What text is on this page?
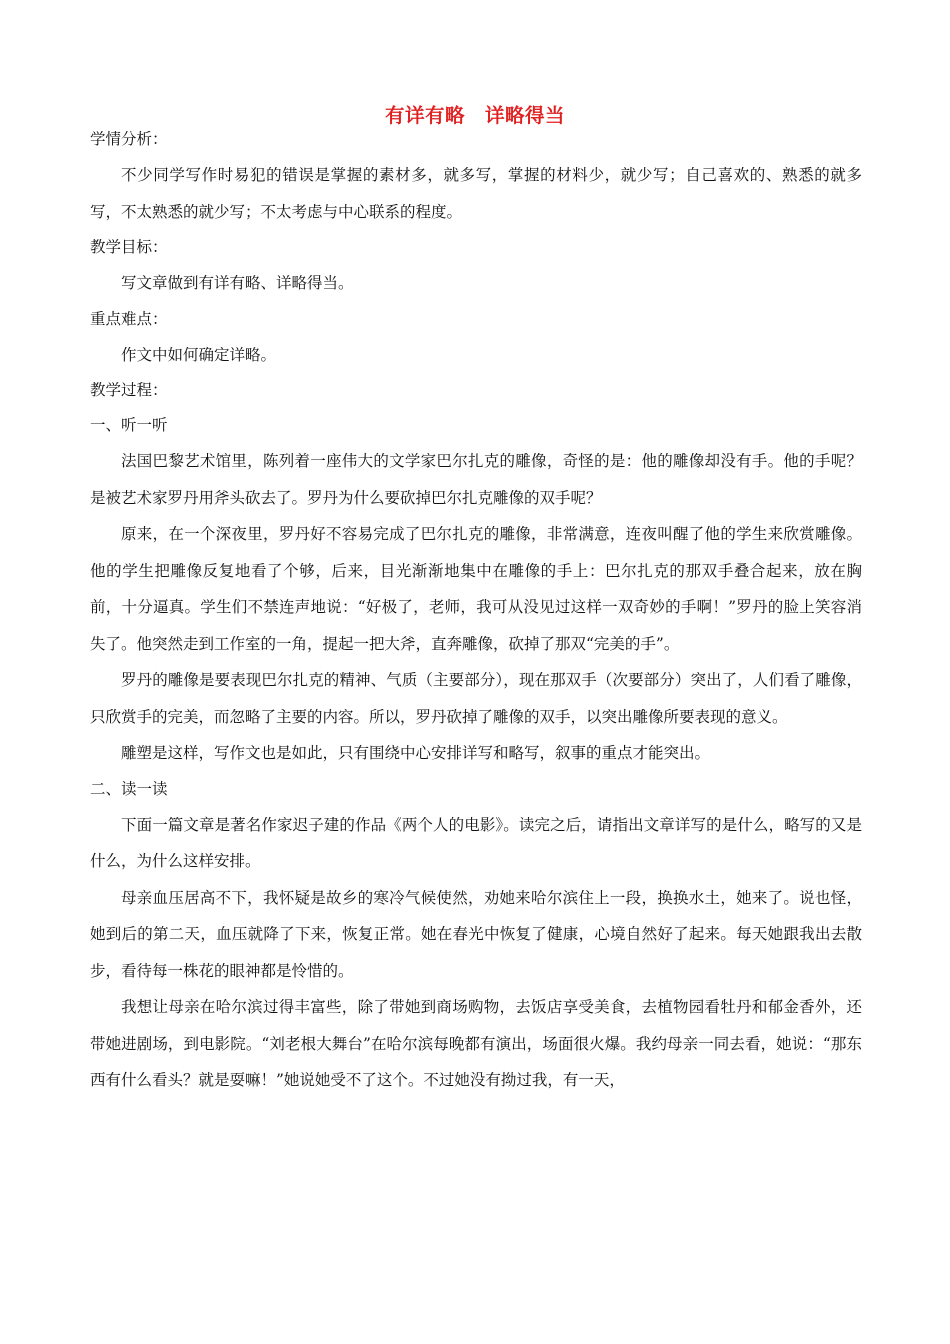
有详有略　详略得当

学情分析：

不少同学写作时易犯的错误是掌握的素材多，就多写，掌握的材料少，就少写；自己喜欢的、熟悉的就多写，不太熟悉的就少写；不太考虑与中心联系的程度。

教学目标：

写文章做到有详有略、详略得当。

重点难点：

作文中如何确定详略。

教学过程：

一、听一听

法国巴黎艺术馆里，陈列着一座伟大的文学家巴尔扎克的雕像，奇怪的是：他的雕像却没有手。他的手呢？是被艺术家罗丹用斧头砍去了。罗丹为什么要砍掉巴尔扎克雕像的双手呢？

原来，在一个深夜里，罗丹好不容易完成了巴尔扎克的雕像，非常满意，连夜叫醒了他的学生来欣赏雕像。他的学生把雕像反复地看了个够，后来，目光渐渐地集中在雕像的手上：巴尔扎克的那双手叠合起来，放在胸前，十分逼真。学生们不禁连声地说：“好极了，老师，我可从没见过这样一双奇妙的手啊！”罗丹的脸上笑容消失了。他突然走到工作室的一角，提起一把大斧，直奔雕像，砍掉了那双“完美的手”。

罗丹的雕像是要表现巴尔扎克的精神、气质（主要部分），现在那双手（次要部分）突出了，人们看了雕像，只欣赏手的完美，而忽略了主要的内容。所以，罗丹砍掉了雕像的双手，以突出雕像所要表现的意义。

雕塑是这样，写作文也是如此，只有围绕中心安排详写和略写，叙事的重点才能突出。

二、读一读

下面一篇文章是著名作家迟子建的作品《两个人的电影》。读完之后，请指出文章详写的是什么，略写的又是什么，为什么这样安排。

母亲血压居高不下，我怀疑是故乡的寒冷气候使然，劝她来哈尔滨住上一段，换换水土，她来了。说也怪，她到后的第二天，血压就降了下来，恢复正常。她在春光中恢复了健康，心境自然好了起来。每天她跟我出去散步，看待每一株花的眼神都是怜惜的。

我想让母亲在哈尔滨过得丰富些，除了带她到商场购物，去饭店享受美食，去植物园看牡丹和郁金香外，还带她进剧场，到电影院。“刘老根大舞台”在哈尔滨每晚都有演出，场面很火爆。我约母亲一同去看，她说：“那东西有什么看头？就是耍嘛！”她说她受不了这个。不过她没有拗过我，有一天，
